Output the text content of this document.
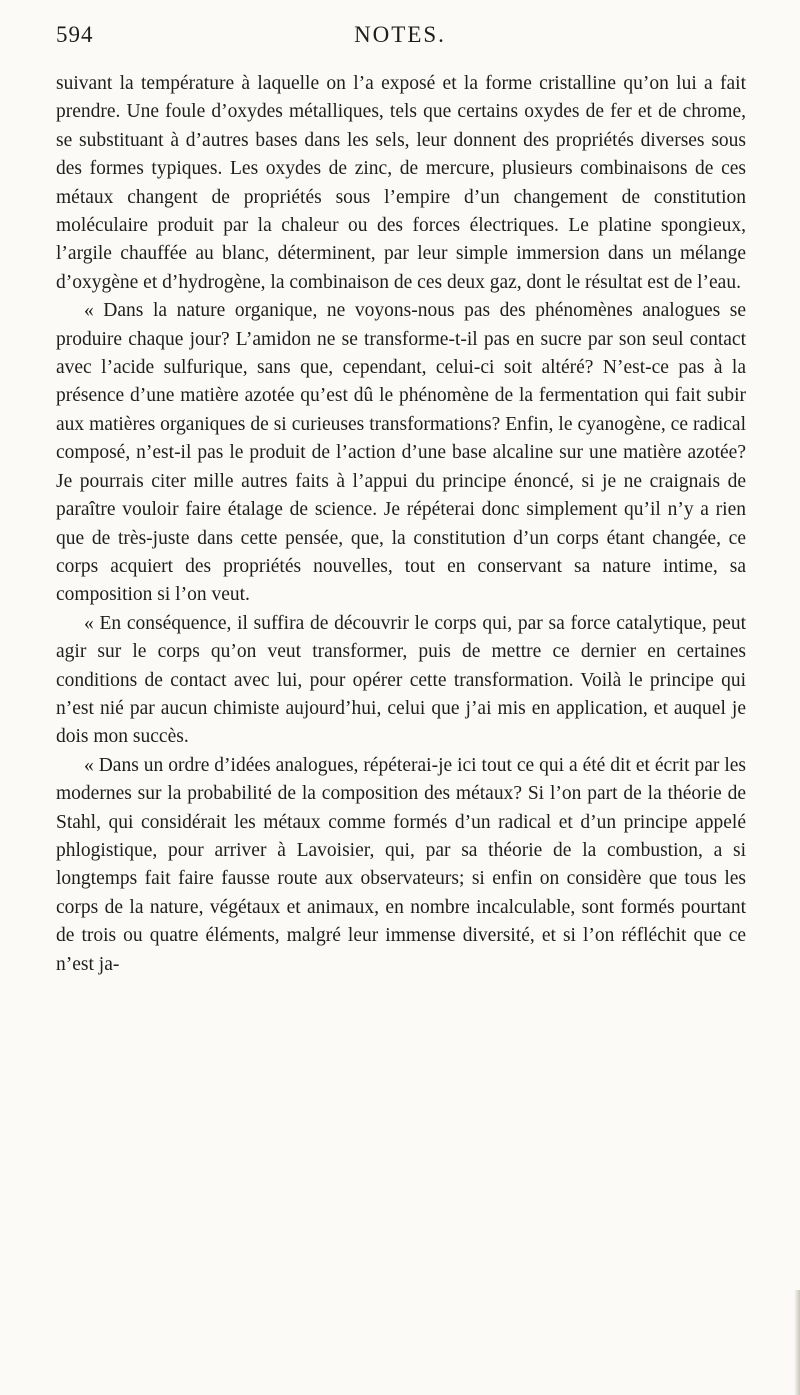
594	NOTES.

suivant la température à laquelle on l’a exposé et la forme cristalline qu’on lui a fait prendre. Une foule d’oxydes métalliques, tels que certains oxydes de fer et de chrome, se substituant à d’autres bases dans les sels, leur donnent des propriétés diverses sous des formes typiques. Les oxydes de zinc, de mercure, plusieurs combinaisons de ces métaux changent de propriétés sous l’empire d’un changement de constitution moléculaire produit par la chaleur ou des forces électriques. Le platine spongieux, l’argile chauffée au blanc, déterminent, par leur simple immersion dans un mélange d’oxygène et d’hydrogène, la combinaison de ces deux gaz, dont le résultat est de l’eau.

« Dans la nature organique, ne voyons-nous pas des phénomènes analogues se produire chaque jour? L’amidon ne se transforme-t-il pas en sucre par son seul contact avec l’acide sulfurique, sans que, cependant, celui-ci soit altéré? N’est-ce pas à la présence d’une matière azotée qu’est dû le phénomène de la fermentation qui fait subir aux matières organiques de si curieuses transformations? Enfin, le cyanogène, ce radical composé, n’est-il pas le produit de l’action d’une base alcaline sur une matière azotée? Je pourrais citer mille autres faits à l’appui du principe énoncé, si je ne craignais de paraître vouloir faire étalage de science. Je répéterai donc simplement qu’il n’y a rien que de très-juste dans cette pensée, que, la constitution d’un corps étant changée, ce corps acquiert des propriétés nouvelles, tout en conservant sa nature intime, sa composition si l’on veut.

« En conséquence, il suffira de découvrir le corps qui, par sa force catalytique, peut agir sur le corps qu’on veut transformer, puis de mettre ce dernier en certaines conditions de contact avec lui, pour opérer cette transformation. Voilà le principe qui n’est nié par aucun chimiste aujourd’hui, celui que j’ai mis en application, et auquel je dois mon succès.

« Dans un ordre d’idées analogues, répéterai-je ici tout ce qui a été dit et écrit par les modernes sur la probabilité de la composition des métaux? Si l’on part de la théorie de Stahl, qui considérait les métaux comme formés d’un radical et d’un principe appelé phlogistique, pour arriver à Lavoisier, qui, par sa théorie de la combustion, a si longtemps fait faire fausse route aux observateurs; si enfin on considère que tous les corps de la nature, végétaux et animaux, en nombre incalculable, sont formés pourtant de trois ou quatre éléments, malgré leur immense diversité, et si l’on réfléchit que ce n’est ja-
